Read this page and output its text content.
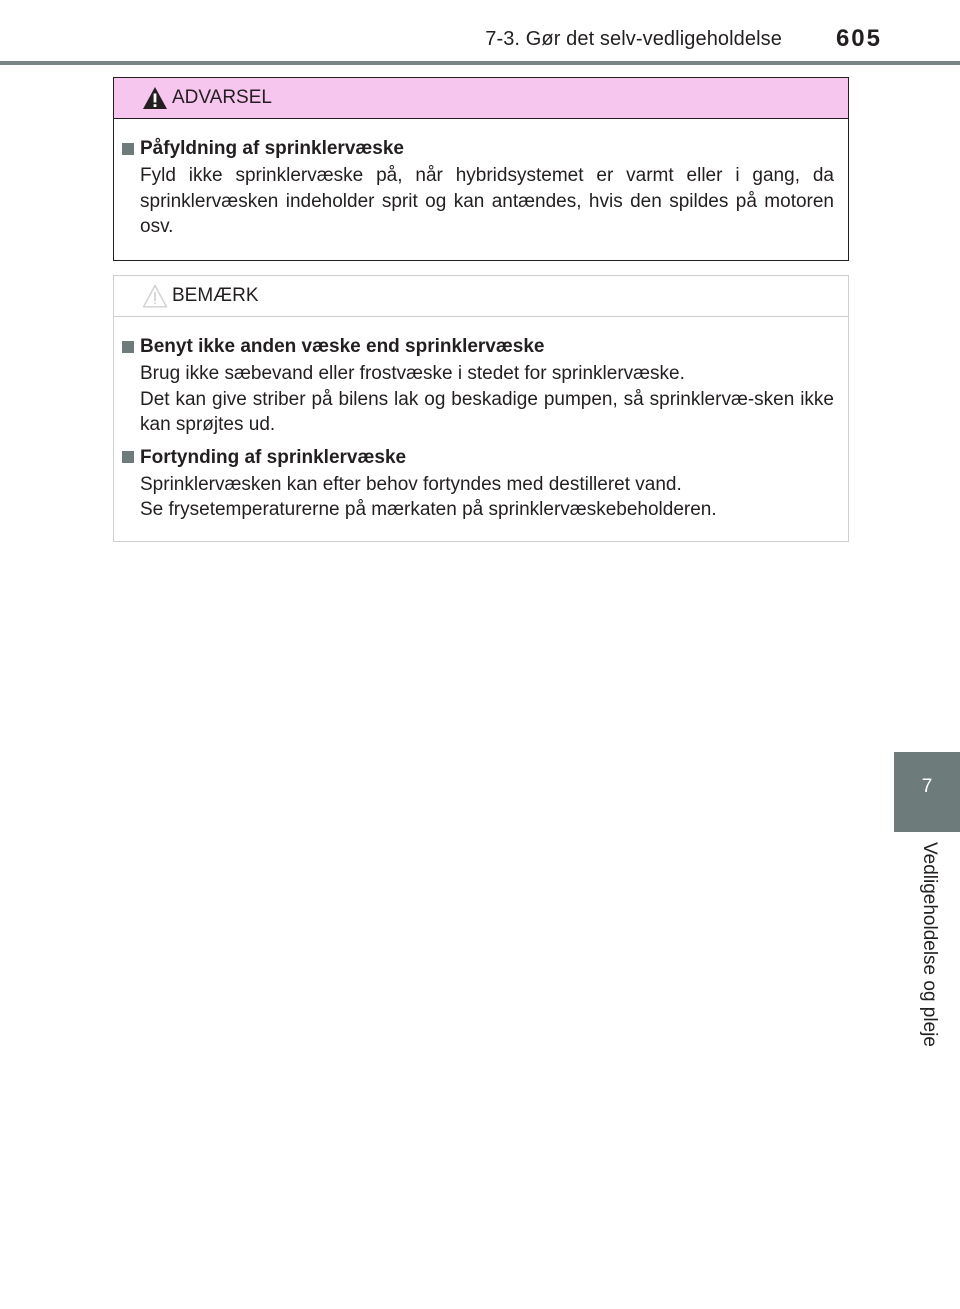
7-3. Gør det selv-vedligeholdelse 605
ADVARSEL
Påfyldning af sprinklervæske
Fyld ikke sprinklervæske på, når hybridsystemet er varmt eller i gang, da sprinklervæsken indeholder sprit og kan antændes, hvis den spildes på motoren osv.
BEMÆRK
Benyt ikke anden væske end sprinklervæske
Brug ikke sæbevand eller frostvæske i stedet for sprinklervæske.
Det kan give striber på bilens lak og beskadige pumpen, så sprinklervæ-sken ikke kan sprøjtes ud.
Fortynding af sprinklervæske
Sprinklervæsken kan efter behov fortyndes med destilleret vand.
Se frysetemperaturerne på mærkaten på sprinklervæskebeholderen.
7
Vedligeholdelse og pleje
